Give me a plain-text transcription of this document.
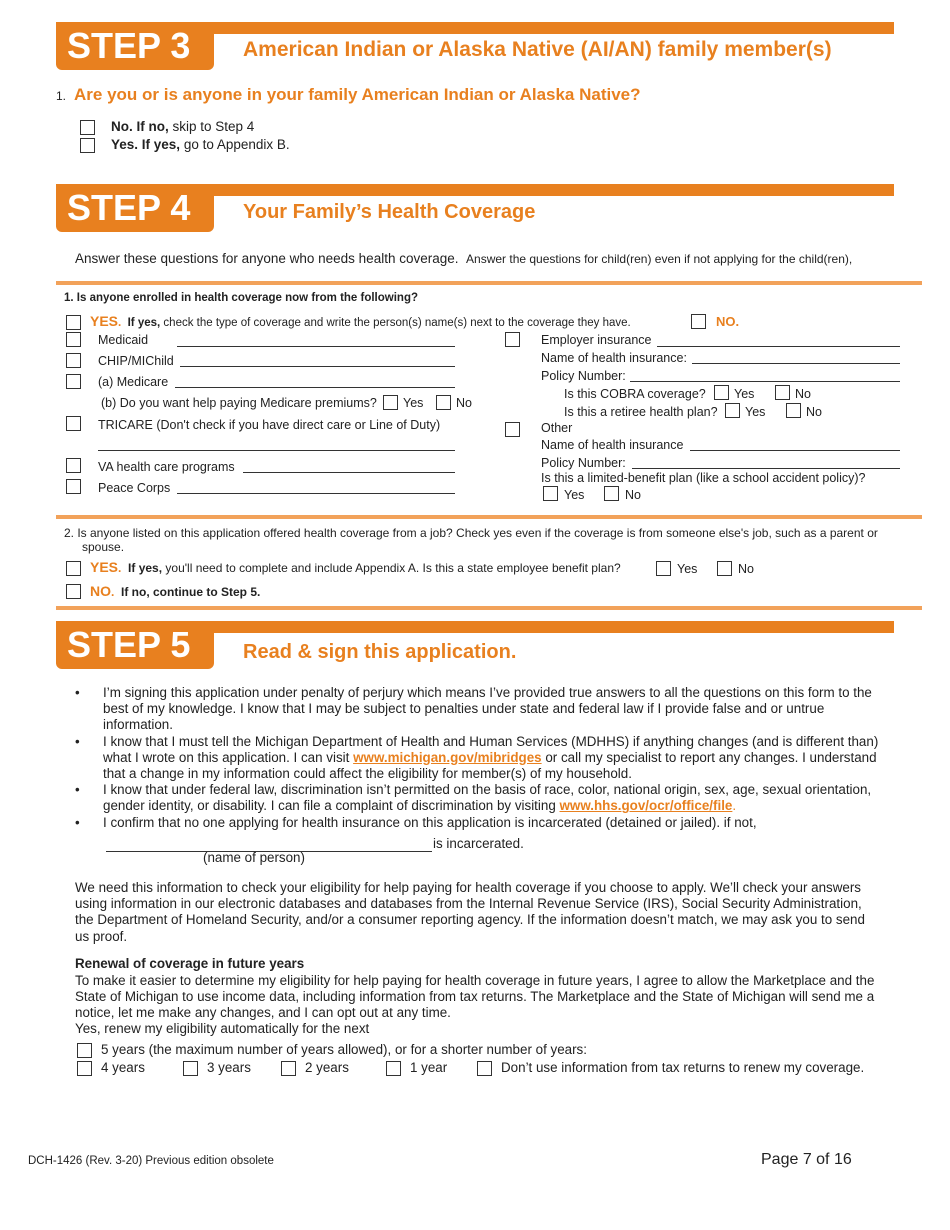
STEP 3	American Indian or Alaska Native (AI/AN) family member(s)
1. Are you or is anyone in your family American Indian or Alaska Native?
No. If no, skip to Step 4
Yes. If yes, go to Appendix B.
STEP 4	Your Family’s Health Coverage
Answer these questions for anyone who needs health coverage. Answer the questions for child(ren) even if not applying for the child(ren),
1. Is anyone enrolled in health coverage now from the following?
YES. If yes, check the type of coverage and write the person(s) name(s) next to the coverage they have.	NO.
Medicaid
CHIP/MIChild
(a) Medicare
(b) Do you want help paying Medicare premiums? Yes	No
TRICARE (Don't check if you have direct care or Line of Duty)
VA health care programs
Peace Corps
Employer insurance
Name of health insurance:
Policy Number:
Is this COBRA coverage? Yes	No
Is this a retiree health plan? Yes	No
Other
Name of health insurance
Policy Number:
Is this a limited-benefit plan (like a school accident policy)?
Yes	No
2. Is anyone listed on this application offered health coverage from a job? Check yes even if the coverage is from someone else's job, such as a parent or
spouse.
YES. If yes, you'll need to complete and include Appendix A. Is this a state employee benefit plan?	Yes	No
NO. If no, continue to Step 5.
STEP 5	Read & sign this application.
• I’m signing this application under penalty of perjury which means I’ve provided true answers to all the questions on this form to the best of my knowledge. I know that I may be subject to penalties under state and federal law if I provide false and or untrue information.
• I know that I must tell the Michigan Department of Health and Human Services (MDHHS) if anything changes (and is different than) what I wrote on this application. I can visit www.michigan.gov/mibridges or call my specialist to report any changes. I understand that a change in my information could affect the eligibility for member(s) of my household.
• I know that under federal law, discrimination isn’t permitted on the basis of race, color, national origin, sex, age, sexual orientation, gender identity, or disability. I can file a complaint of discrimination by visiting www.hhs.gov/ocr/office/file.
• I confirm that no one applying for health insurance on this application is incarcerated (detained or jailed). if not,
is incarcerated.
(name of person)
We need this information to check your eligibility for help paying for health coverage if you choose to apply. We’ll check your answers using information in our electronic databases and databases from the Internal Revenue Service (IRS), Social Security Administration, the Department of Homeland Security, and/or a consumer reporting agency. If the information doesn’t match, we may ask you to send us proof.
Renewal of coverage in future years
To make it easier to determine my eligibility for help paying for health coverage in future years, I agree to allow the Marketplace and the State of Michigan to use income data, including information from tax returns. The Marketplace and the State of Michigan will send me a notice, let me make any changes, and I can opt out at any time.
Yes, renew my eligibility automatically for the next
5 years (the maximum number of years allowed), or for a shorter number of years:
4 years	3 years	2 years	1 year	Don’t use information from tax returns to renew my coverage.
DCH-1426 (Rev. 3-20) Previous edition obsolete	Page 7 of 16
